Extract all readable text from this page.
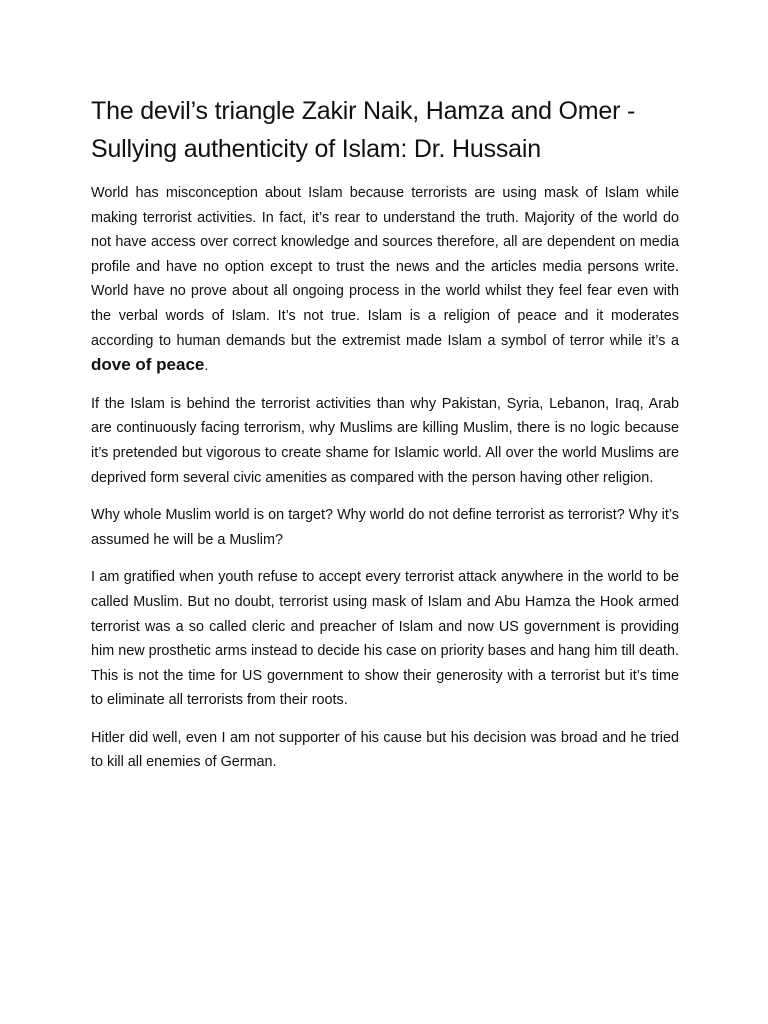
The devil’s triangle Zakir Naik, Hamza and Omer - Sullying authenticity of Islam: Dr. Hussain

World has misconception about Islam because terrorists are using mask of Islam while making terrorist activities. In fact, it’s rear to understand the truth. Majority of the world do not have access over correct knowledge and sources therefore, all are dependent on media profile and have no option except to trust the news and the articles media persons write. World have no prove about all ongoing process in the world whilst they feel fear even with the verbal words of Islam. It’s not true. Islam is a religion of peace and it moderates according to human demands but the extremist made Islam a symbol of terror while it’s a dove of peace.

If the Islam is behind the terrorist activities than why Pakistan, Syria, Lebanon, Iraq, Arab are continuously facing terrorism, why Muslims are killing Muslim, there is no logic because it’s pretended but vigorous to create shame for Islamic world. All over the world Muslims are deprived form several civic amenities as compared with the person having other religion.

Why whole Muslim world is on target? Why world do not define terrorist as terrorist? Why it’s assumed he will be a Muslim?

I am gratified when youth refuse to accept every terrorist attack anywhere in the world to be called Muslim. But no doubt, terrorist using mask of Islam and Abu Hamza the Hook armed terrorist was a so called cleric and preacher of Islam and now US government is providing him new prosthetic arms instead to decide his case on priority bases and hang him till death. This is not the time for US government to show their generosity with a terrorist but it’s time to eliminate all terrorists from their roots.

Hitler did well, even I am not supporter of his cause but his decision was broad and he tried to kill all enemies of German.
